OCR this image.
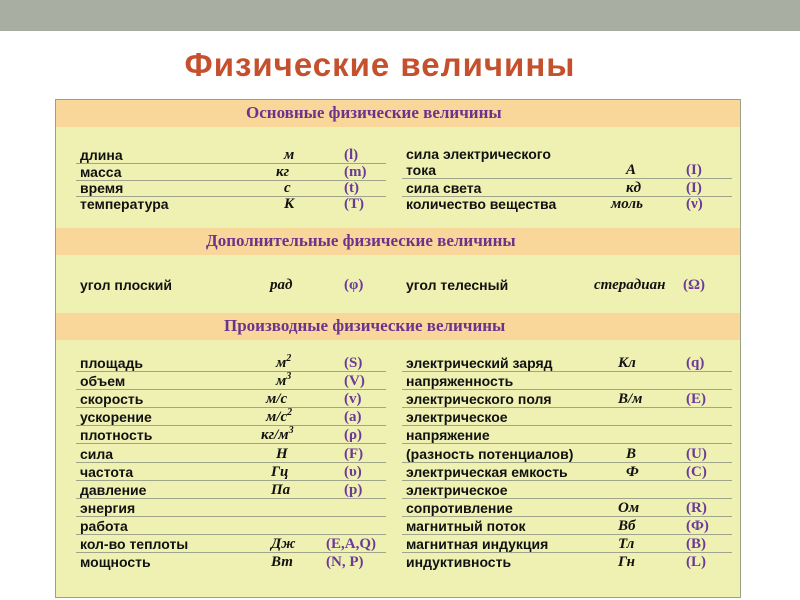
Физические величины
Основные физические величины
Дополнительные физические величины
Производные физические величины
длина	м	(l)
масса	кг	(m)
время	с	(t)
температура	К	(T)
сила электрического
тока	А	(I)
сила света	кд	(I)
количество вещества	моль	(ν)
угол плоский	рад	(φ)	угол телесный	стерадиан (Ω)
площадь	$м^2$	(S)
объем	$м^3$	(V)
скорость	м/с	(v)
ускорение	$м/с^2$	(a)
плотность	$кг/м^3$	(ρ)
сила	Н	(F)
частота	Гц	(υ)
давление	Па	(p)
энергия
работа
кол-во теплоты	Дж (E,A,Q)
мощность	Вт (N, P)
электрический заряд	Кл	(q)
напряженность
электрического поля	В/м	(E)
электрическое
напряжение
(разность потенциалов)	В	(U)
электрическая емкость	Ф	(C)
электрическое
сопротивление	Ом	(R)
магнитный поток	Вб	(Ф)
магнитная индукция	Тл	(B)
индуктивность	Гн	(L)
